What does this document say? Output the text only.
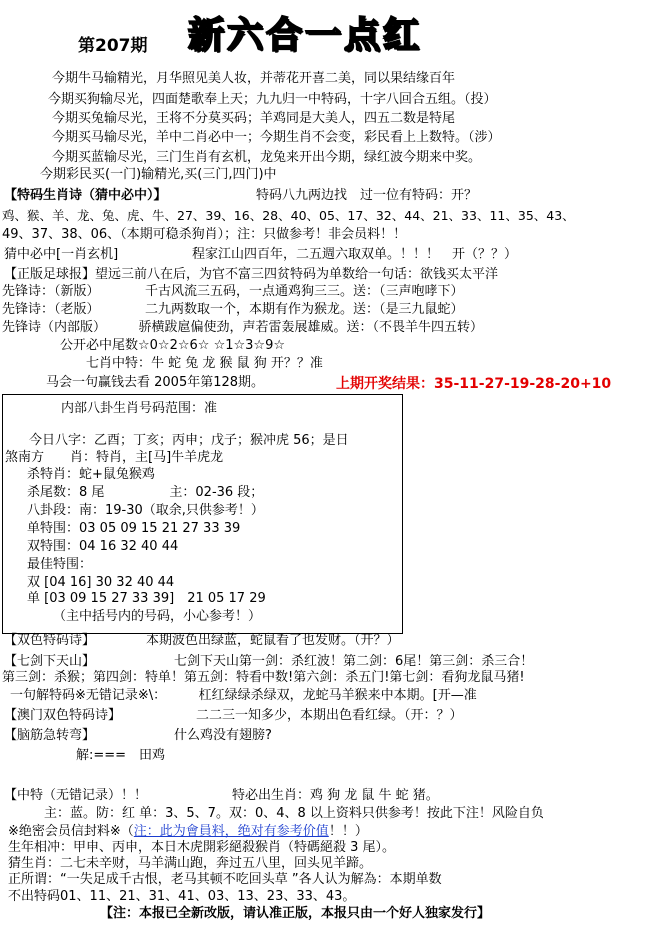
第207期 新六合一点红
今期牛马输精光，月华照见美人妆，并蒂花开喜二美，同以果结缘百年
今期买狗输尽光，四面楚歌奉上天；九九归一中特码，十字八回合五组。（投）
今期买兔输尽光，王将不分莫买码；羊鸡同是大美人，四五二数是特尾
今期买马输尽光，羊中二肖必中一；今期生肖不会变，彩民看上上数特。（涉）
今期买蓝输尽光，三门生肖有玄机，龙兔来开出今期，绿红波今期来中奖。
今期彩民买(一门)输精光,买(三门,四门)中
【特码生肖诗（猜中必中）】	特码八九两边找　过一位有特码：开？
鸡、猴、羊、龙、兔、虎、牛、27、39、16、28、40、05、17、32、44、21、33、11、35、43、
49、37、38、06、（本期可稳杀狗肖）；注：只做参考！非会员料！！
猜中必中[一肖玄机]	程家江山四百年，二五週六取双单。！！！　开（？？）
【正版足球报】望远三前八在后，为官不富三四贫特码为单数给一句话：欲钱买太平洋
先锋诗：（新版）　　　　千古风流三五码，一点通鸡狗三三。送：（三声咆哮下）
先锋诗：（老版）　　　　二九两数取一个，本期有作为猴龙。送：（是三九鼠蛇）
先锋诗（内部版）　　　骄横跋扈偏使劲，声若雷轰展雄威。送：（不畏羊牛四五转）
公开必中尾数☆0☆2☆6☆ ☆1☆3☆9☆
七肖中特：牛 蛇 兔 龙 猴 鼠 狗 开？？准
马会一句赢钱去看 2005年第128期。	上期开奖结果：35-11-27-19-28-20+10
内部八卦生肖号码范围：准
今日八字：乙酉；丁亥；丙申；戊子；猴冲虎 56；是日
煞南方　　肖：特肖，主[马]牛羊虎龙
杀特肖：蛇+鼠兔猴鸡
杀尾数：8 尾　　　　　主：02-36 段；
八卦段：南：19-30（取余,只供参考！）
单特围：03 05 09 15 21 27 33 39
双特围：04 16 32 40 44
最佳特围：
双 [04 16] 30 32 40 44
单 [03 09 15 27 33 39]　21 05 17 29
（主中括号内的号码，小心参考！）
【双色特码诗】	本期波色出绿蓝，蛇鼠看了也发财。（开？）
【七剑下天山】	七剑下天山第一剑：杀红波！第二剑：6尾！第三剑：杀三合！
第三剑：杀猴；第四剑：特单！第五剑：特看中数!第六剑：杀五门!第七剑：看狗龙鼠马猪!
一句解特码※无错记录※\：　　　杠红绿绿杀绿双，龙蛇马羊猴来中本期。[开—准
【澳门双色特码诗】	二二三一知多少，本期出色看红绿。（开：？）
【脑筋急转弯】	什么鸡没有翅膀?
解:===　田鸡
【中特（无错记录）！！	特必出生肖：鸡 狗 龙 鼠 牛 蛇 猪。
主：蓝。防：红 单：3、5、7。双：0、4、8 以上资料只供参考！按此下注！风险自负
※绝密会员信封料※（注：此为會員料，绝对有参考价值！！）
生年相冲：甲申、丙申，本日木虎開彩絕殺猴肖（特碼絕殺 3 尾）。
猜生肖：二七未辛财，马羊满山跑，奔过五八里，回头见羊蹄。
正所谓：“一失足成千古恨，老马其顿不吃回头草 ”各人认为解為：本期单数
不出特码01、11、21、31、41、03、13、23、33、43。
【注：本报已全新改版，请认准正版，本报只由一个好人独家发行】
